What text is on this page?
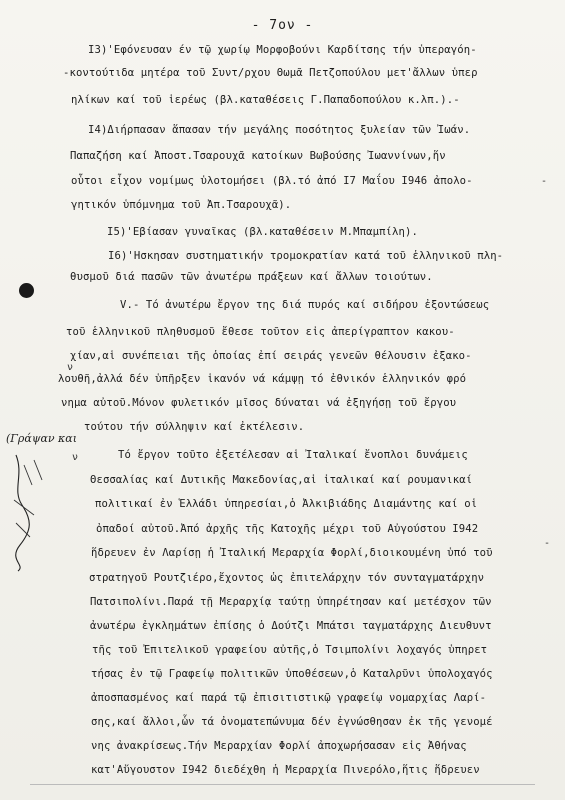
- 7ον -
-
-
ν
ν
(Γράψαν και
Ι3)'Εφόνευσαν έν τῷ χωρίῳ Μορφοβούνι Καρδίτσης τήν ὑπεραγόη-
-κοντούτιδα μητέρα τοῦ Συντ/ρχου Θωμᾶ Πετζοπούλου μετ'ἄλλων ὑπερ
ηλίκων καί τοῦ ἱερέως (βλ.καταθέσεις Γ.Παπαδοπούλου κ.λπ.).-
Ι4)Διήρπασαν ἅπασαν τήν μεγάλης ποσότητος ξυλείαν τῶν Ἰωάν.
Παπαζήση καί Ἀποστ.Τσαρουχᾶ κατοίκων Βωβούσης Ἰωαννίνων,ἥν
οὗτοι εἶχον νομίμως ὑλοτομήσει (βλ.τό ἀπό Ι7 Μαΐου Ι946 ἀπολο-
γητικόν ὑπόμνημα τοῦ Ἀπ.Τσαρουχᾶ).
Ι5)'Εβίασαν γυναῖκας (βλ.καταθέσειν Μ.Μπαμπίλη).
Ι6)'Ησκησαν συστηματικήν τρομοκρατίαν κατά τοῦ ἑλληνικοῦ πλη-
θυσμοῦ διά πασῶν τῶν ἀνωτέρω πράξεων καί ἄλλων τοιούτων.
V.- Τό ἀνωτέρω ἔργον της διά πυρός καί σιδήρου ἐξοντώσεως
τοῦ ἑλληνικοῦ πληθυσμοῦ ἔθεσε τοῦτον εἰς ἀπερίγραπτον κακου-
χίαν,αἱ συνέπειαι τῆς ὁποίας ἐπί σειράς γενεῶν θέλουσιν ἐξακο-
λουθῆ,ἀλλά δέν ὑπῆρξεν ἱκανόν νά κάμψῃ τό ἐθνικόν ἑλληνικόν φρό
νημα αὐτοῦ.Μόνον φυλετικόν μῖσος δύναται νά ἐξηγήσῃ τοῦ ἔργου
τούτου τήν σύλληψιν καί ἐκτέλεσιν.
Τό ἔργον τοῦτο ἐξετέλεσαν αἱ Ἰταλικαί ἔνοπλοι δυνάμεις
Θεσσαλίας καί Δυτικῆς Μακεδονίας,αἱ ἰταλικαί καί ρουμανικαί
πολιτικαί ἐν Ἑλλάδι ὑπηρεσίαι,ὁ Ἀλκιβιάδης Διαμάντης καί οἱ
ὀπαδοί αὐτοῦ.Ἀπό ἀρχῆς τῆς Κατοχῆς μέχρι τοῦ Αὐγούστου Ι942
ἥδρευεν ἐν Λαρίσῃ ἡ Ἰταλική Μεραρχία Φορλί,διοικουμένη ὑπό τοῦ
στρατηγοῦ Ρουτζιέρο,ἔχοντος ὡς ἐπιτελάρχην τόν συνταγματάρχην
Πατσιπολίνι.Παρά τῇ Μεραρχίᾳ ταύτῃ ὑπηρέτησαν καί μετέσχον τῶν
ἀνωτέρω ἐγκλημάτων ἐπίσης ὁ Δούτζι Μπάτσι ταγματάρχης Διευθυντ
τῆς τοῦ Ἐπιτελικοῦ γραφείου αὐτῆς,ὁ Τσιμπολίνι λοχαγός ὑπηρετ
τήσας ἐν τῷ Γραφείῳ πολιτικῶν ὑποθέσεων,ὁ Καταλρῦνι ὑπολοχαγός
ἀποσπασμένος καί παρά τῷ ἐπισιτιστικῷ γραφείῳ νομαρχίας Λαρί-
σης,καί ἄλλοι,ὧν τά ὀνοματεπώνυμα δέν ἐγνώσθησαν ἐκ τῆς γενομέ
νης ἀνακρίσεως.Τήν Μεραρχίαν Φορλί ἀποχωρήσασαν εἰς Ἀθήνας
κατ'Αὔγουστον Ι942 διεδέχθη ἡ Μεραρχία Πινερόλο,ἥτις ἥδρευεν
